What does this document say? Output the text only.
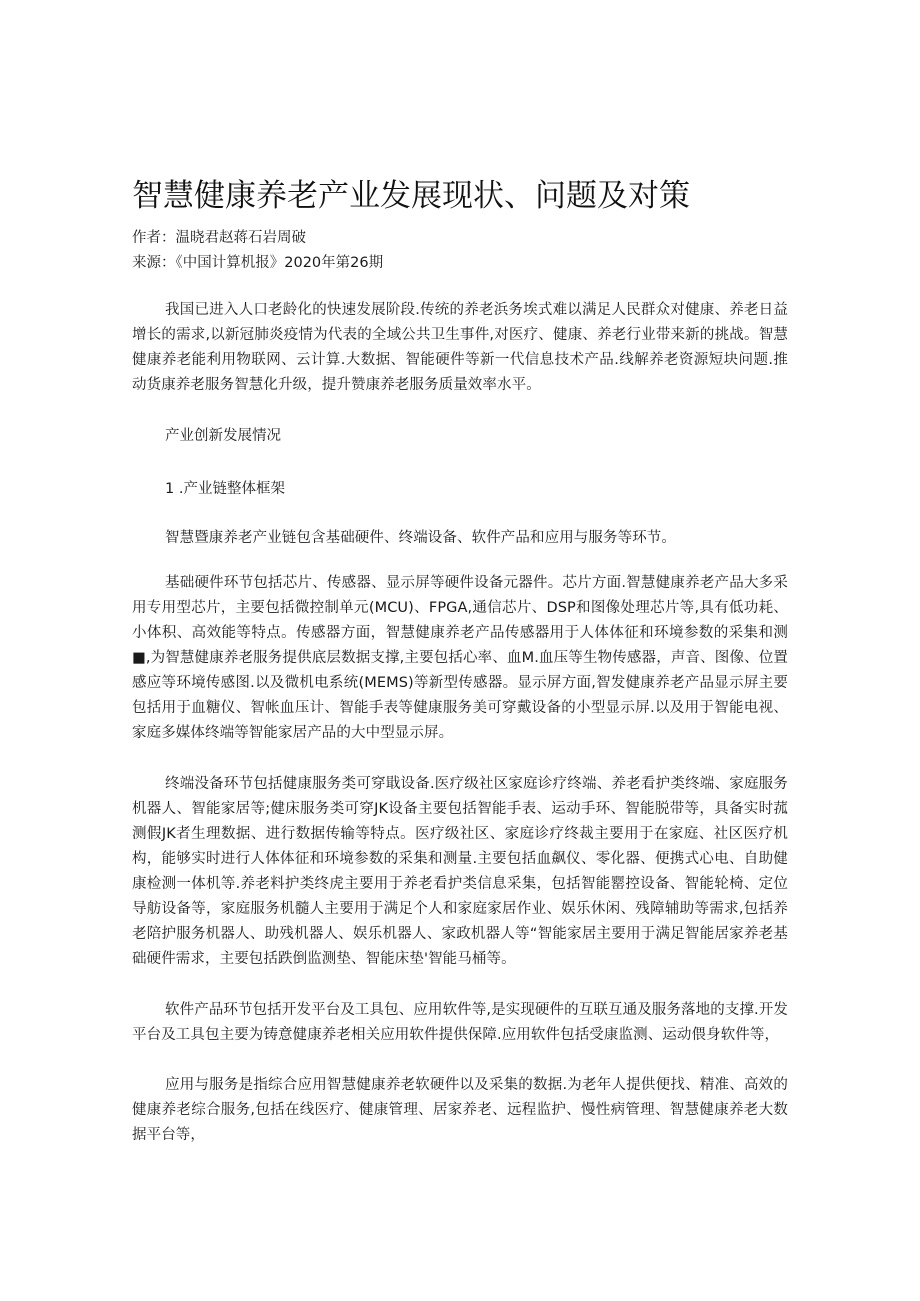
智慧健康养老产业发展现状、问题及对策

作者：温晓君赵蒋石岩周破

来源：《中国计算机报》2020年第26期

我国已进入人口老龄化的快速发展阶段.传统的养老浜务埃式难以满足人民群众对健康、养老日益增长的需求,以新冠肺炎疫情为代表的全域公共卫生事件,对医疗、健康、养老行业带来新的挑战。智慧健康养老能利用物联网、云计算.大数据、智能硬件等新一代信息技术产品.线解养老资源短块问题.推动货康养老服务智慧化升级，提升赞康养老服务质量效率水平。

产业创新发展情况

1 .产业链整体框架

智慧暨康养老产业链包含基础硬件、终端设备、软件产品和应用与服务等环节。

基础硬件环节包括芯片、传感器、显示屏等硬件设备元器件。芯片方面.智慧健康养老产品大多采用专用型芯片，主要包括微控制单元(MCU)、FPGA,通信芯片、DSP和图像处理芯片等,具有低功耗、小体积、高效能等特点。传感器方面，智慧健康养老产品传感器用于人体体征和环境参数的采集和测■,为智慧健康养老服务提供底层数据支撑,主要包括心率、血M.血压等生物传感器，声音、图像、位置感应等环境传感图.以及微机电系统(MEMS)等新型传感器。显示屏方面,智发健康养老产品显示屏主要包括用于血糖仪、智帐血压计、智能手表等健康服务美可穿戴设备的小型显示屏.以及用于智能电视、家庭多媒体终端等智能家居产品的大中型显示屏。

终端没备环节包括健康服务类可穿戢设备.医疗级社区家庭诊疗终端、养老看护类终端、家庭服务机器人、智能家居等;健床服务类可穿JK设备主要包括智能手表、运动手环、智能脱带等，具备实时菰测假JK者生理数据、进行数据传输等特点。医疗级社区、家庭诊疗终裁主要用于在家庭、社区医疗机构，能够实时进行人体体征和环境参数的采集和测量.主要包括血飙仪、零化器、便携式心电、自助健康检测一体机等.养老料护类终虎主要用于养老看护类信息采集，包括智能罂控设备、智能轮椅、定位导舫设备等，家庭服务机髓人主要用于满足个人和家庭家居作业、娱乐休闲、残障辅助等需求,包括养老陪护服务机器人、助残机器人、娱乐机器人、家政机器人等“智能家居主要用于满足智能居家养老基础硬件需求，主要包括跌倒监测垫、智能床垫'智能马桶等。

软件产品环节包括开发平台及工具包、应用软件等,是实现硬件的互联互通及服务落地的支撑.开发平台及工具包主要为铸意健康养老相关应用软件提供保障.应用软件包括受康监测、运动偎身软件等，

应用与服务是指综合应用智慧健康养老软硬件以及采集的数据.为老年人提供便找、精准、高效的健康养老综合服务,包括在线医疗、健康管理、居家养老、远程监护、慢性病管理、智慧健康养老大数据平台等，
